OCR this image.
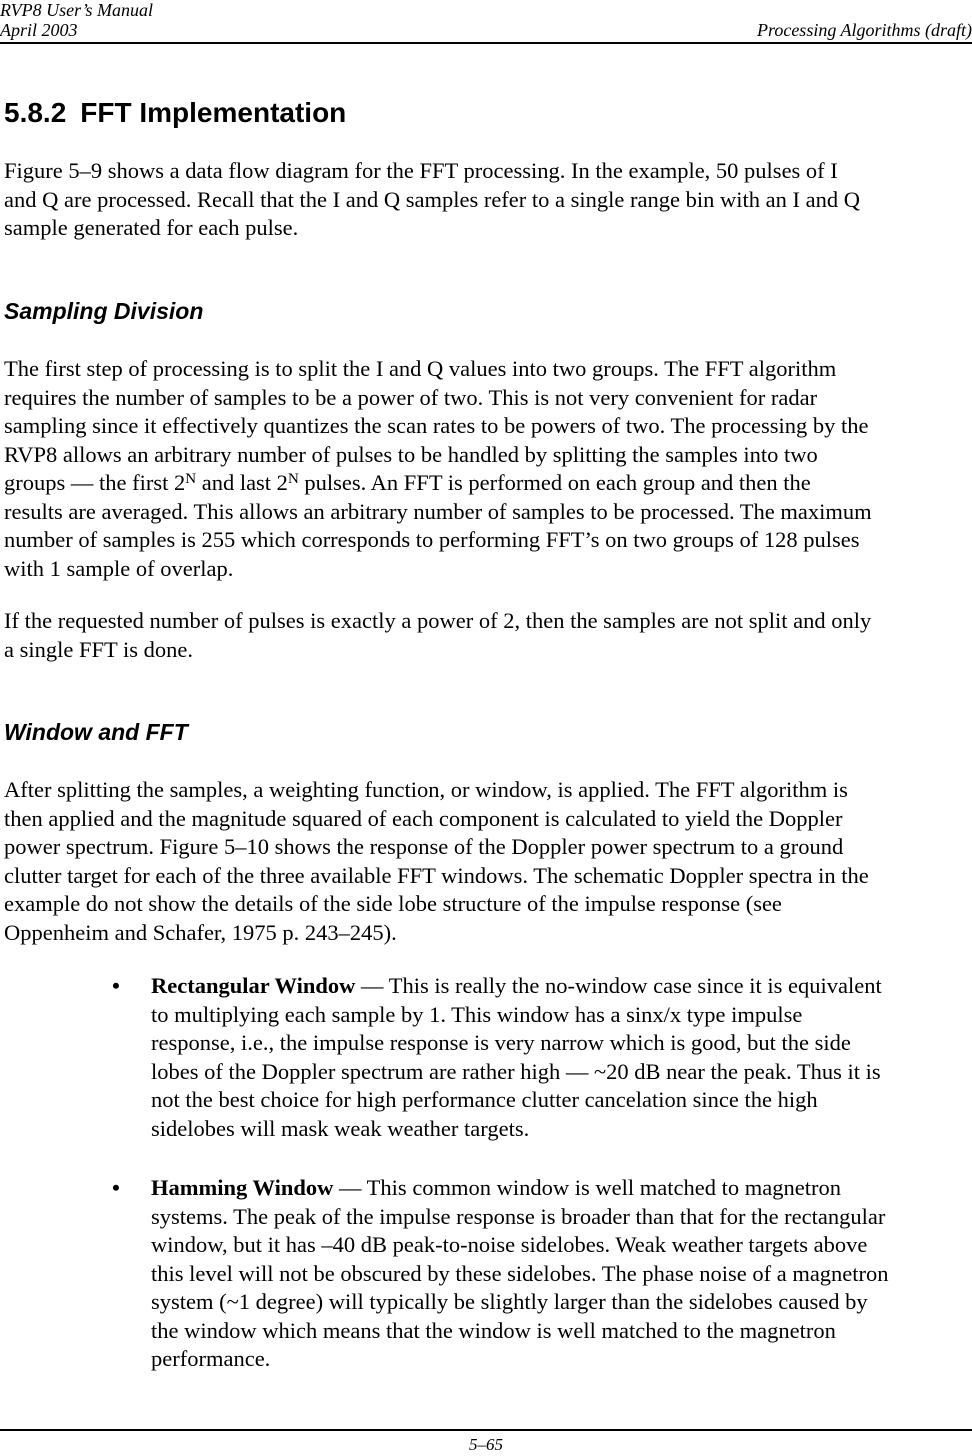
RVP8 User’s Manual
April 2003	Processing Algorithms (draft)
5.8.2 FFT Implementation
Figure 5–9 shows a data flow diagram for the FFT processing. In the example, 50 pulses of I
and Q are processed. Recall that the I and Q samples refer to a single range bin with an I and Q
sample generated for each pulse.
Sampling Division
The first step of processing is to split the I and Q values into two groups. The FFT algorithm
requires the number of samples to be a power of two. This is not very convenient for radar
sampling since it effectively quantizes the scan rates to be powers of two. The processing by the
RVP8 allows an arbitrary number of pulses to be handled by splitting the samples into two
groups — the first $2^N$ and last $2^N$ pulses. An FFT is performed on each group and then the
results are averaged. This allows an arbitrary number of samples to be processed. The maximum
number of samples is 255 which corresponds to performing FFT’s on two groups of 128 pulses
with 1 sample of overlap.
If the requested number of pulses is exactly a power of 2, then the samples are not split and only
a single FFT is done.
Window and FFT
After splitting the samples, a weighting function, or window, is applied. The FFT algorithm is
then applied and the magnitude squared of each component is calculated to yield the Doppler
power spectrum. Figure 5–10 shows the response of the Doppler power spectrum to a ground
clutter target for each of the three available FFT windows. The schematic Doppler spectra in the
example do not show the details of the side lobe structure of the impulse response (see
Oppenheim and Schafer, 1975 p. 243–245).
• Rectangular Window — This is really the no-window case since it is equivalent
to multiplying each sample by 1. This window has a sinx/x type impulse
response, i.e., the impulse response is very narrow which is good, but the side
lobes of the Doppler spectrum are rather high — ~20 dB near the peak. Thus it is
not the best choice for high performance clutter cancelation since the high
sidelobes will mask weak weather targets.

• Hamming Window — This common window is well matched to magnetron
systems. The peak of the impulse response is broader than that for the rectangular
window, but it has –40 dB peak-to-noise sidelobes. Weak weather targets above
this level will not be obscured by these sidelobes. The phase noise of a magnetron
system (~1 degree) will typically be slightly larger than the sidelobes caused by
the window which means that the window is well matched to the magnetron
performance.

5–65
